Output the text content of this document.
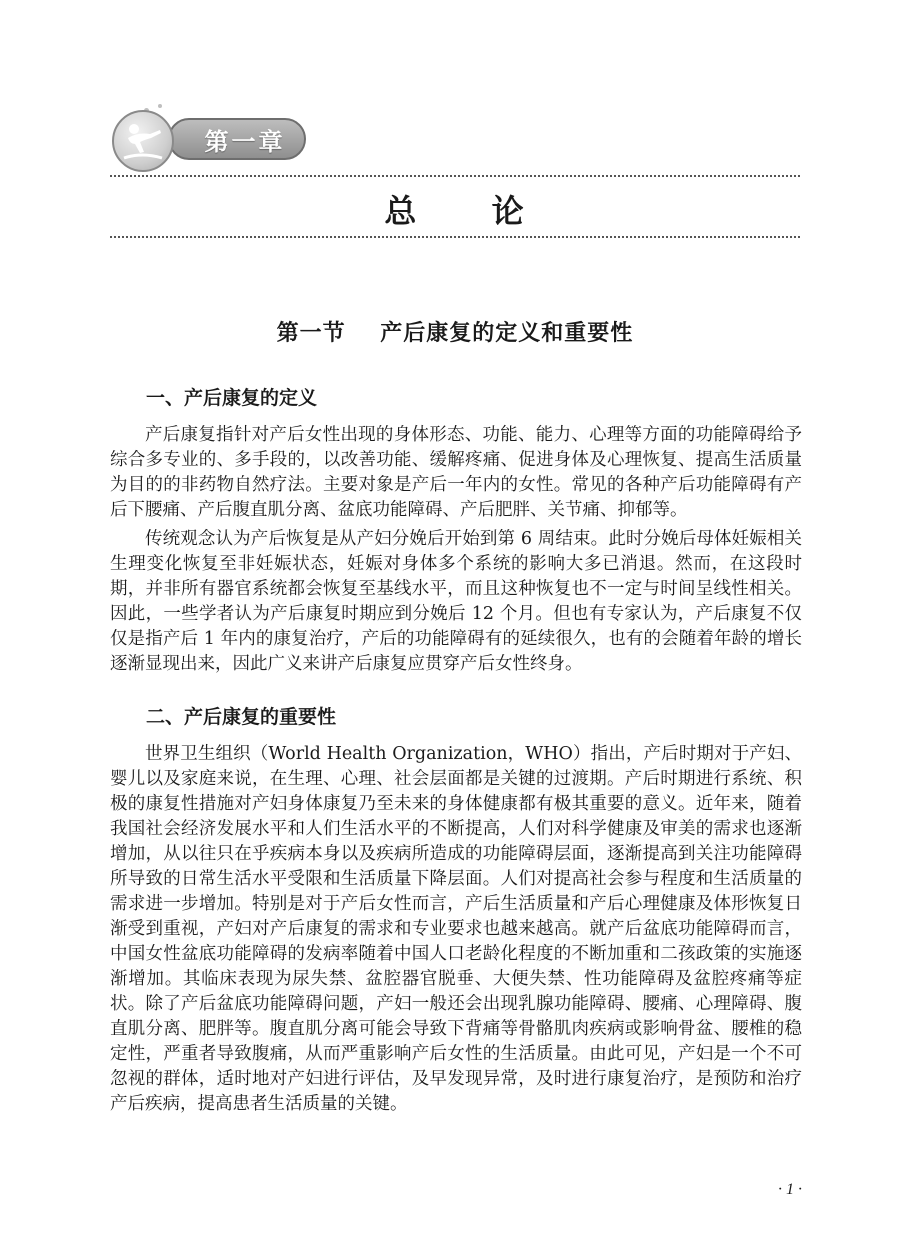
第一章
总 论
第一节    产后康复的定义和重要性
一、产后康复的定义

产后康复指针对产后女性出现的身体形态、功能、能力、心理等方面的功能障碍给予综合多专业的、多手段的，以改善功能、缓解疼痛、促进身体及心理恢复、提高生活质量为目的的非药物自然疗法。主要对象是产后一年内的女性。常见的各种产后功能障碍有产后下腰痛、产后腹直肌分离、盆底功能障碍、产后肥胖、关节痛、抑郁等。

传统观念认为产后恢复是从产妇分娩后开始到第 6 周结束。此时分娩后母体妊娠相关生理变化恢复至非妊娠状态，妊娠对身体多个系统的影响大多已消退。然而，在这段时期，并非所有器官系统都会恢复至基线水平，而且这种恢复也不一定与时间呈线性相关。因此，一些学者认为产后康复时期应到分娩后 12 个月。但也有专家认为，产后康复不仅仅是指产后 1 年内的康复治疗，产后的功能障碍有的延续很久，也有的会随着年龄的增长逐渐显现出来，因此广义来讲产后康复应贯穿产后女性终身。

二、产后康复的重要性

世界卫生组织（World Health Organization，WHO）指出，产后时期对于产妇、婴儿以及家庭来说，在生理、心理、社会层面都是关键的过渡期。产后时期进行系统、积极的康复性措施对产妇身体康复乃至未来的身体健康都有极其重要的意义。近年来，随着我国社会经济发展水平和人们生活水平的不断提高，人们对科学健康及审美的需求也逐渐增加，从以往只在乎疾病本身以及疾病所造成的功能障碍层面，逐渐提高到关注功能障碍所导致的日常生活水平受限和生活质量下降层面。人们对提高社会参与程度和生活质量的需求进一步增加。特别是对于产后女性而言，产后生活质量和产后心理健康及体形恢复日渐受到重视，产妇对产后康复的需求和专业要求也越来越高。就产后盆底功能障碍而言，中国女性盆底功能障碍的发病率随着中国人口老龄化程度的不断加重和二孩政策的实施逐渐增加。其临床表现为尿失禁、盆腔器官脱垂、大便失禁、性功能障碍及盆腔疼痛等症状。除了产后盆底功能障碍问题，产妇一般还会出现乳腺功能障碍、腰痛、心理障碍、腹直肌分离、肥胖等。腹直肌分离可能会导致下背痛等骨骼肌肉疾病或影响骨盆、腰椎的稳定性，严重者导致腹痛，从而严重影响产后女性的生活质量。由此可见，产妇是一个不可忽视的群体，适时地对产妇进行评估，及早发现异常，及时进行康复治疗，是预防和治疗产后疾病，提高患者生活质量的关键。

· 1 ·
